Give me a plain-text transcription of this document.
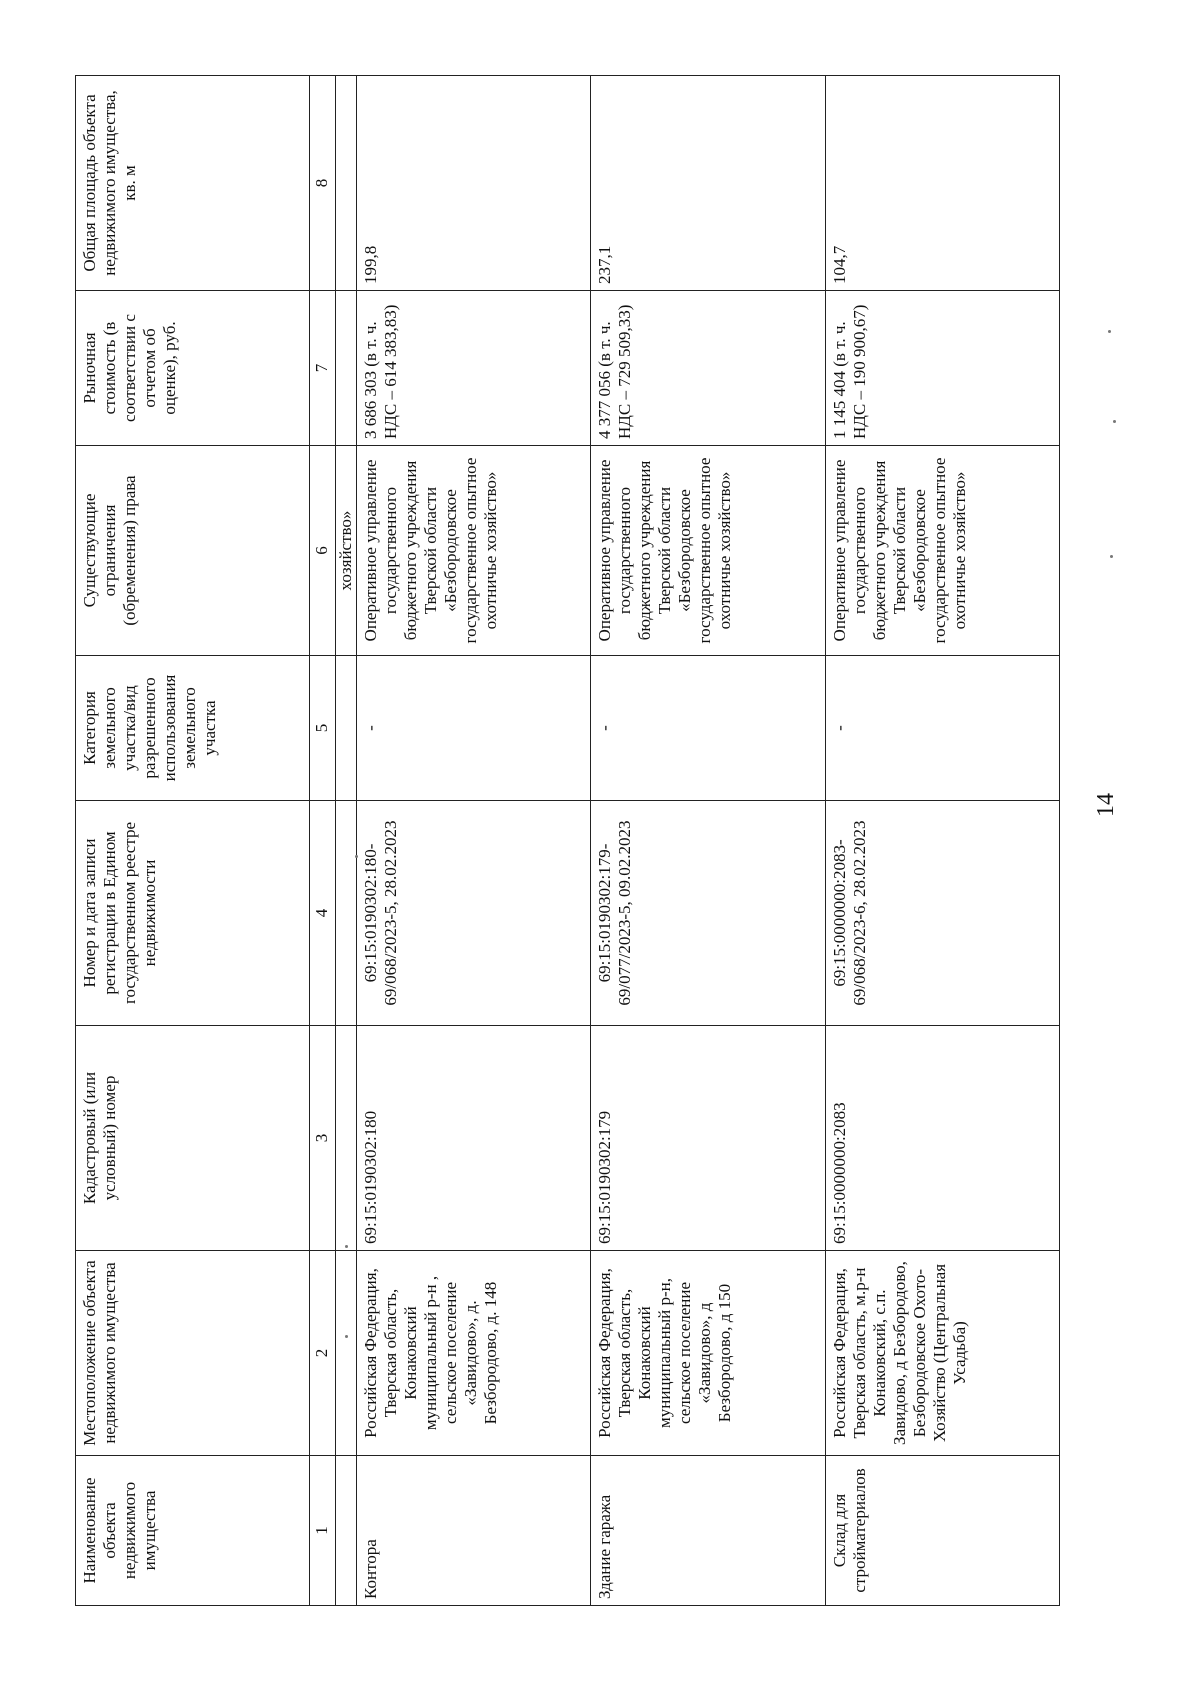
14
Наименование объекта недвижимого имущества	Местоположение объекта недвижимого имущества	Кадастровый (или условный) номер	Номер и дата записи регистрации в Едином государственном реестре недвижимости	Категория земельного участка/вид разрешенного использования земельного участка	Существующие ограничения (обременения) права	Рыночная стоимость (в соответствии с отчетом об оценке), руб.	Общая площадь объекта недвижимого имущества, кв. м
1	2	3	4	5	6	7	8
					хозяйство»		
Контора	Российская Федерация, Тверская область, Конаковский муниципальный р-н , сельское поселение «Завидово», д. Безбородово, д. 148	69:15:0190302:180	69:15:0190302:180-69/068/2023-5, 28.02.2023	-	Оперативное управление государственного бюджетного учреждения Тверской области «Безбородовское государственное опытное охотничье хозяйство»	3 686 303 (в т. ч. НДС – 614 383,83)	199,8
Здание гаража	Российская Федерация, Тверская область, Конаковский муниципальный р-н, сельское поселение «Завидово», д Безбородово, д 150	69:15:0190302:179	69:15:0190302:179-69/077/2023-5, 09.02.2023	-	Оперативное управление государственного бюджетного учреждения Тверской области «Безбородовское государственное опытное охотничье хозяйство»	4 377 056 (в т. ч. НДС – 729 509,33)	237,1
Склад для стройматериалов	Российская Федерация, Тверская область, м.р-н Конаковский, с.п. Завидово, д Безбородово, Безбородовское Охото-Хозяйство (Центральная Усадьба)	69:15:0000000:2083	69:15:0000000:2083-69/068/2023-6, 28.02.2023	-	Оперативное управление государственного бюджетного учреждения Тверской области «Безбородовское государственное опытное охотничье хозяйство»	1 145 404 (в т. ч. НДС – 190 900,67)	104,7
